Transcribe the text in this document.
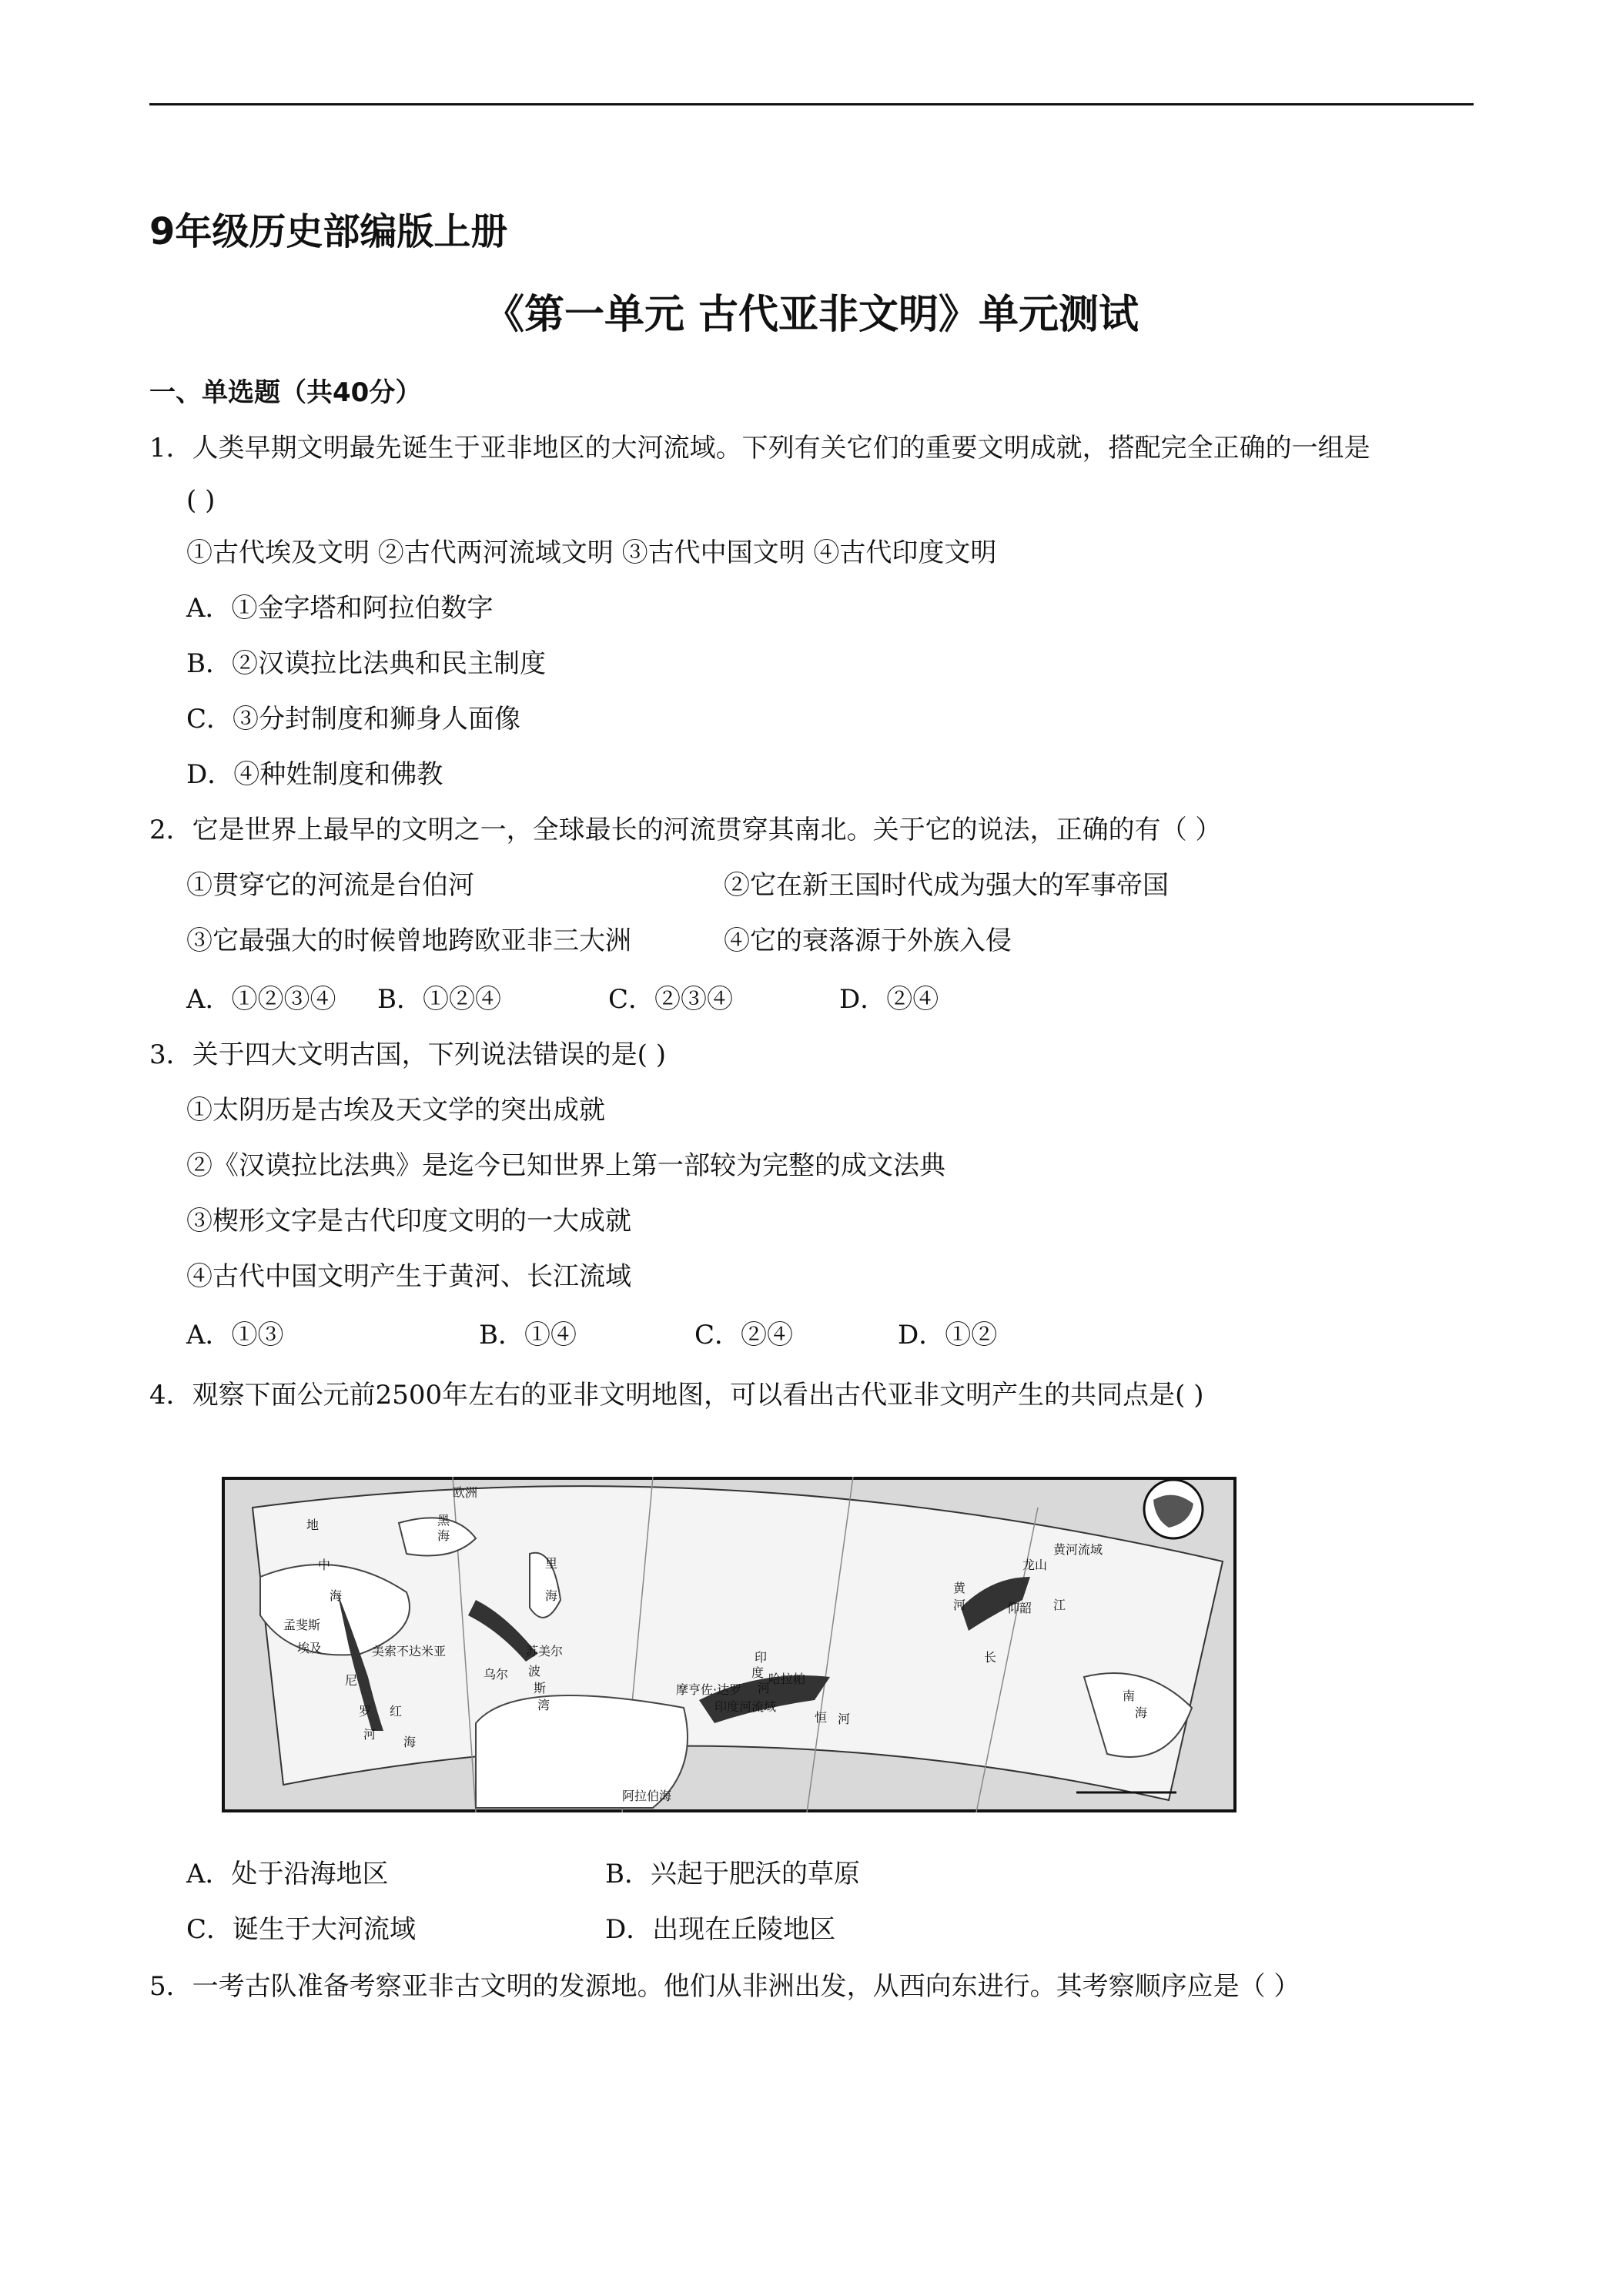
9年级历史部编版上册
《第一单元 古代亚非文明》单元测试
一、单选题（共40分）
1．人类早期文明最先诞生于亚非地区的大河流域。下列有关它们的重要文明成就，搭配完全正确的一组是
( )
①古代埃及文明 ②古代两河流域文明 ③古代中国文明 ④古代印度文明
A．①金字塔和阿拉伯数字
B．②汉谟拉比法典和民主制度
C．③分封制度和狮身人面像
D．④种姓制度和佛教
2．它是世界上最早的文明之一，全球最长的河流贯穿其南北。关于它的说法，正确的有（ ）
①贯穿它的河流是台伯河	②它在新王国时代成为强大的军事帝国
③它最强大的时候曾地跨欧亚非三大洲	④它的衰落源于外族入侵
A．①②③④ B．①②④	C．②③④	D．②④
3．关于四大文明古国，下列说法错误的是( )
①太阴历是古埃及天文学的突出成就
②《汉谟拉比法典》是迄今已知世界上第一部较为完整的成文法典
③楔形文字是古代印度文明的一大成就
④古代中国文明产生于黄河、长江流域
A．①③	B．①④	C．②④	D．①②
4．观察下面公元前2500年左右的亚非文明地图，可以看出古代亚非文明产生的共同点是( )
欧洲
地
中
海
黑
海
里
海
孟斐斯
埃及
尼
罗
河
红
海
美索不达米亚	苏美尔
乌尔 波
斯
湾
摩亨佐·达罗
哈拉帕
印
度
河
印度河流域
恒 河
阿拉伯海
黄
河
黄河流域
龙山
仰韶
长
江
南
海
A．处于沿海地区	B．兴起于肥沃的草原
C．诞生于大河流域	D．出现在丘陵地区
5．一考古队准备考察亚非古文明的发源地。他们从非洲出发，从西向东进行。其考察顺序应是（ ）
